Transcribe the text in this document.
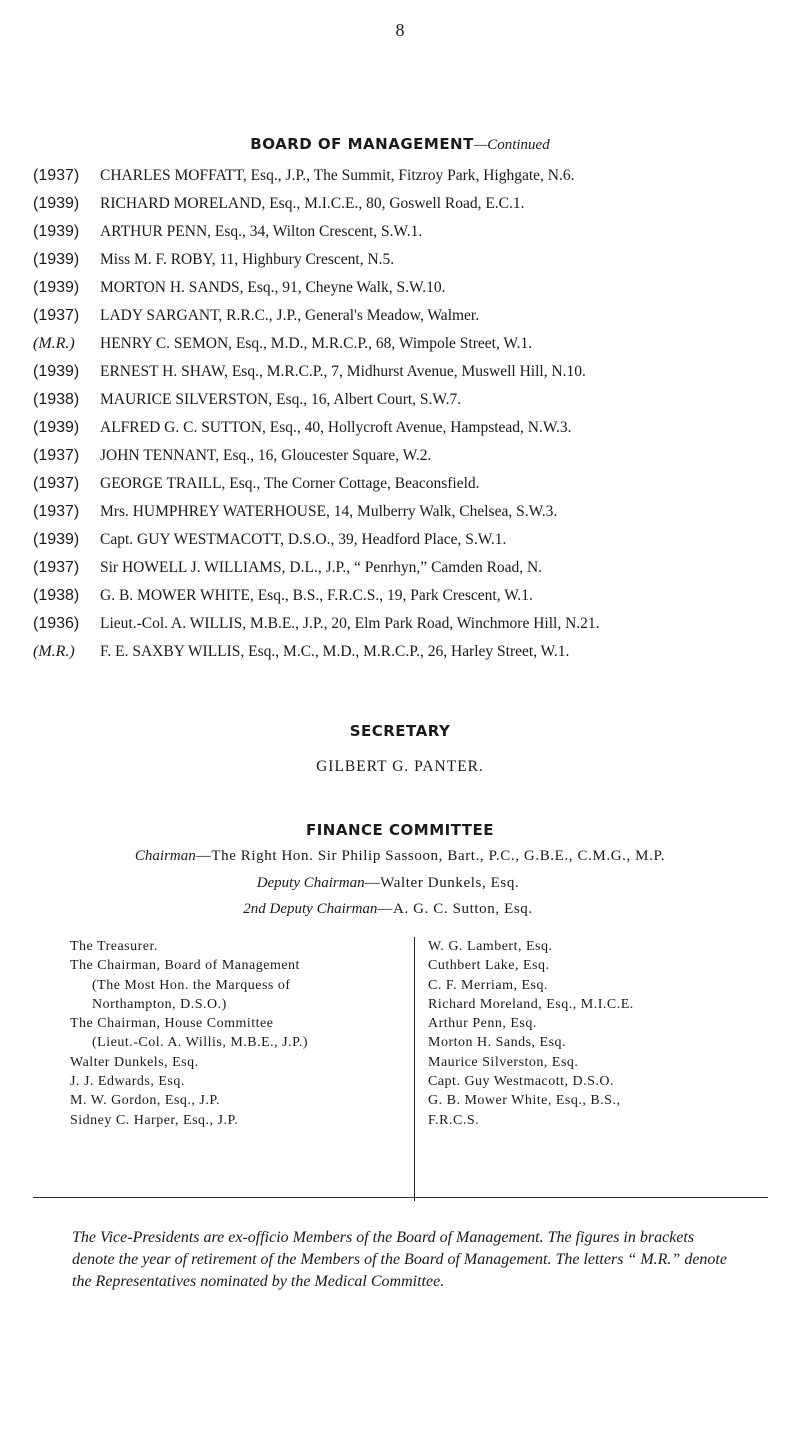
8
BOARD OF MANAGEMENT—Continued
(1937)	CHARLES MOFFATT, Esq., J.P., The Summit, Fitzroy Park, Highgate, N.6.
(1939)	RICHARD MORELAND, Esq., M.I.C.E., 80, Goswell Road, E.C.1.
(1939)	ARTHUR PENN, Esq., 34, Wilton Crescent, S.W.1.
(1939)	Miss M. F. ROBY, 11, Highbury Crescent, N.5.
(1939)	MORTON H. SANDS, Esq., 91, Cheyne Walk, S.W.10.
(1937)	LADY SARGANT, R.R.C., J.P., General's Meadow, Walmer.
(M.R.)	HENRY C. SEMON, Esq., M.D., M.R.C.P., 68, Wimpole Street, W.1.
(1939)	ERNEST H. SHAW, Esq., M.R.C.P., 7, Midhurst Avenue, Muswell Hill, N.10.
(1938)	MAURICE SILVERSTON, Esq., 16, Albert Court, S.W.7.
(1939)	ALFRED G. C. SUTTON, Esq., 40, Hollycroft Avenue, Hampstead, N.W.3.
(1937)	JOHN TENNANT, Esq., 16, Gloucester Square, W.2.
(1937)	GEORGE TRAILL, Esq., The Corner Cottage, Beaconsfield.
(1937)	Mrs. HUMPHREY WATERHOUSE, 14, Mulberry Walk, Chelsea, S.W.3.
(1939)	Capt. GUY WESTMACOTT, D.S.O., 39, Headford Place, S.W.1.
(1937)	Sir HOWELL J. WILLIAMS, D.L., J.P., “ Penrhyn,” Camden Road, N.
(1938)	G. B. MOWER WHITE, Esq., B.S., F.R.C.S., 19, Park Crescent, W.1.
(1936)	Lieut.-Col. A. WILLIS, M.B.E., J.P., 20, Elm Park Road, Winchmore Hill, N.21.
(M.R.)	F. E. SAXBY WILLIS, Esq., M.C., M.D., M.R.C.P., 26, Harley Street, W.1.
SECRETARY
GILBERT G. PANTER.
FINANCE COMMITTEE
Chairman—The Right Hon. Sir Philip Sassoon, Bart., P.C., G.B.E., C.M.G., M.P.
Deputy Chairman—Walter Dunkels, Esq.
2nd Deputy Chairman—A. G. C. Sutton, Esq.
The Treasurer.
The Chairman, Board of Management
(The Most Hon. the Marquess of
Northampton, D.S.O.)
The Chairman, House Committee
(Lieut.-Col. A. Willis, M.B.E., J.P.)
Walter Dunkels, Esq.
J. J. Edwards, Esq.
M. W. Gordon, Esq., J.P.
Sidney C. Harper, Esq., J.P.
W. G. Lambert, Esq.
Cuthbert Lake, Esq.
C. F. Merriam, Esq.
Richard Moreland, Esq., M.I.C.E.
Arthur Penn, Esq.
Morton H. Sands, Esq.
Maurice Silverston, Esq.
Capt. Guy Westmacott, D.S.O.
G. B. Mower White, Esq., B.S.,
F.R.C.S.
The Vice-Presidents are ex-officio Members of the Board of Management. The figures in brackets denote the year of retirement of the Members of the Board of Management. The letters “ M.R.” denote the Representatives nominated by the Medical Committee.
